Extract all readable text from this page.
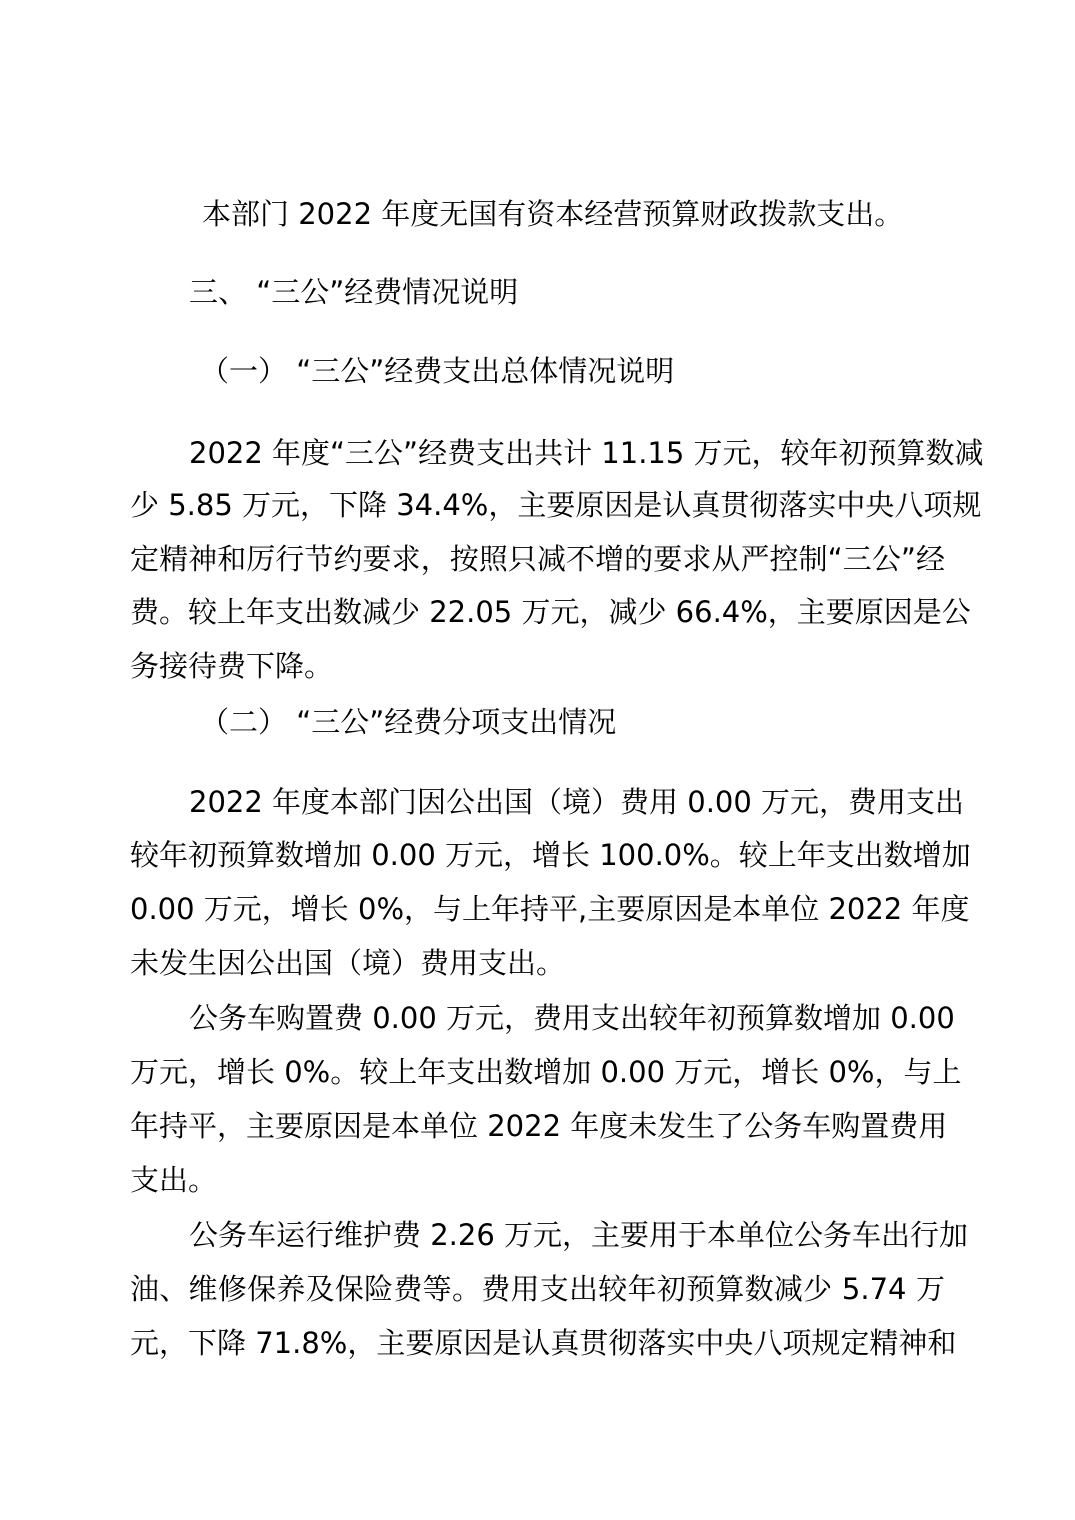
本部门 2022 年度无国有资本经营预算财政拨款支出。

三、 “三公”经费情况说明

（一） “三公”经费支出总体情况说明

2022 年度“三公”经费支出共计 11.15 万元，较年初预算数减

少 5.85 万元，下降 34.4%，主要原因是认真贯彻落实中央八项规

定精神和厉行节约要求，按照只减不增的要求从严控制“三公”经

费。较上年支出数减少 22.05 万元，减少 66.4%，主要原因是公

务接待费下降。

（二） “三公”经费分项支出情况

2022 年度本部门因公出国（境）费用 0.00 万元，费用支出

较年初预算数增加 0.00 万元，增长 100.0%。较上年支出数增加

0.00 万元，增长 0%，与上年持平,主要原因是本单位 2022 年度

未发生因公出国（境）费用支出。

公务车购置费 0.00 万元，费用支出较年初预算数增加 0.00

万元，增长 0%。较上年支出数增加 0.00 万元，增长 0%，与上

年持平，主要原因是本单位 2022 年度未发生了公务车购置费用

支出。

公务车运行维护费 2.26 万元，主要用于本单位公务车出行加

油、维修保养及保险费等。费用支出较年初预算数减少 5.74 万

元，下降 71.8%，主要原因是认真贯彻落实中央八项规定精神和
